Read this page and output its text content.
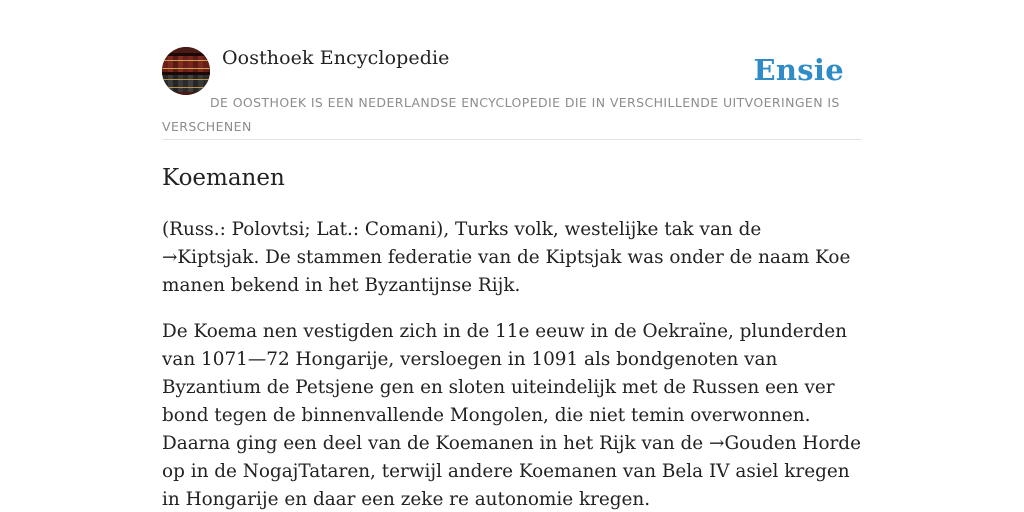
Oosthoek Encyclopedie	Ensie

DE OOSTHOEK IS EEN NEDERLANDSE ENCYCLOPEDIE DIE IN VERSCHILLENDE UITVOERINGEN IS VERSCHENEN

Koemanen

(Russ.: Polovtsi; Lat.: Comani), Turks volk, westelijke tak van de →Kiptsjak. De stammen federatie van de Kiptsjak was onder de naam Koe manen bekend in het Byzantijnse Rijk.

De Koema nen vestigden zich in de 11e eeuw in de Oekraïne, plunderden van 1071—72 Hongarije, versloegen in 1091 als bondgenoten van Byzantium de Petsjene gen en sloten uiteindelijk met de Russen een ver bond tegen de binnenvallende Mongolen, die niet temin overwonnen. Daarna ging een deel van de Koemanen in het Rijk van de →Gouden Horde op in de NogajTataren, terwijl andere Koemanen van Bela IV asiel kregen in Hongarije en daar een zeke re autonomie kregen.
